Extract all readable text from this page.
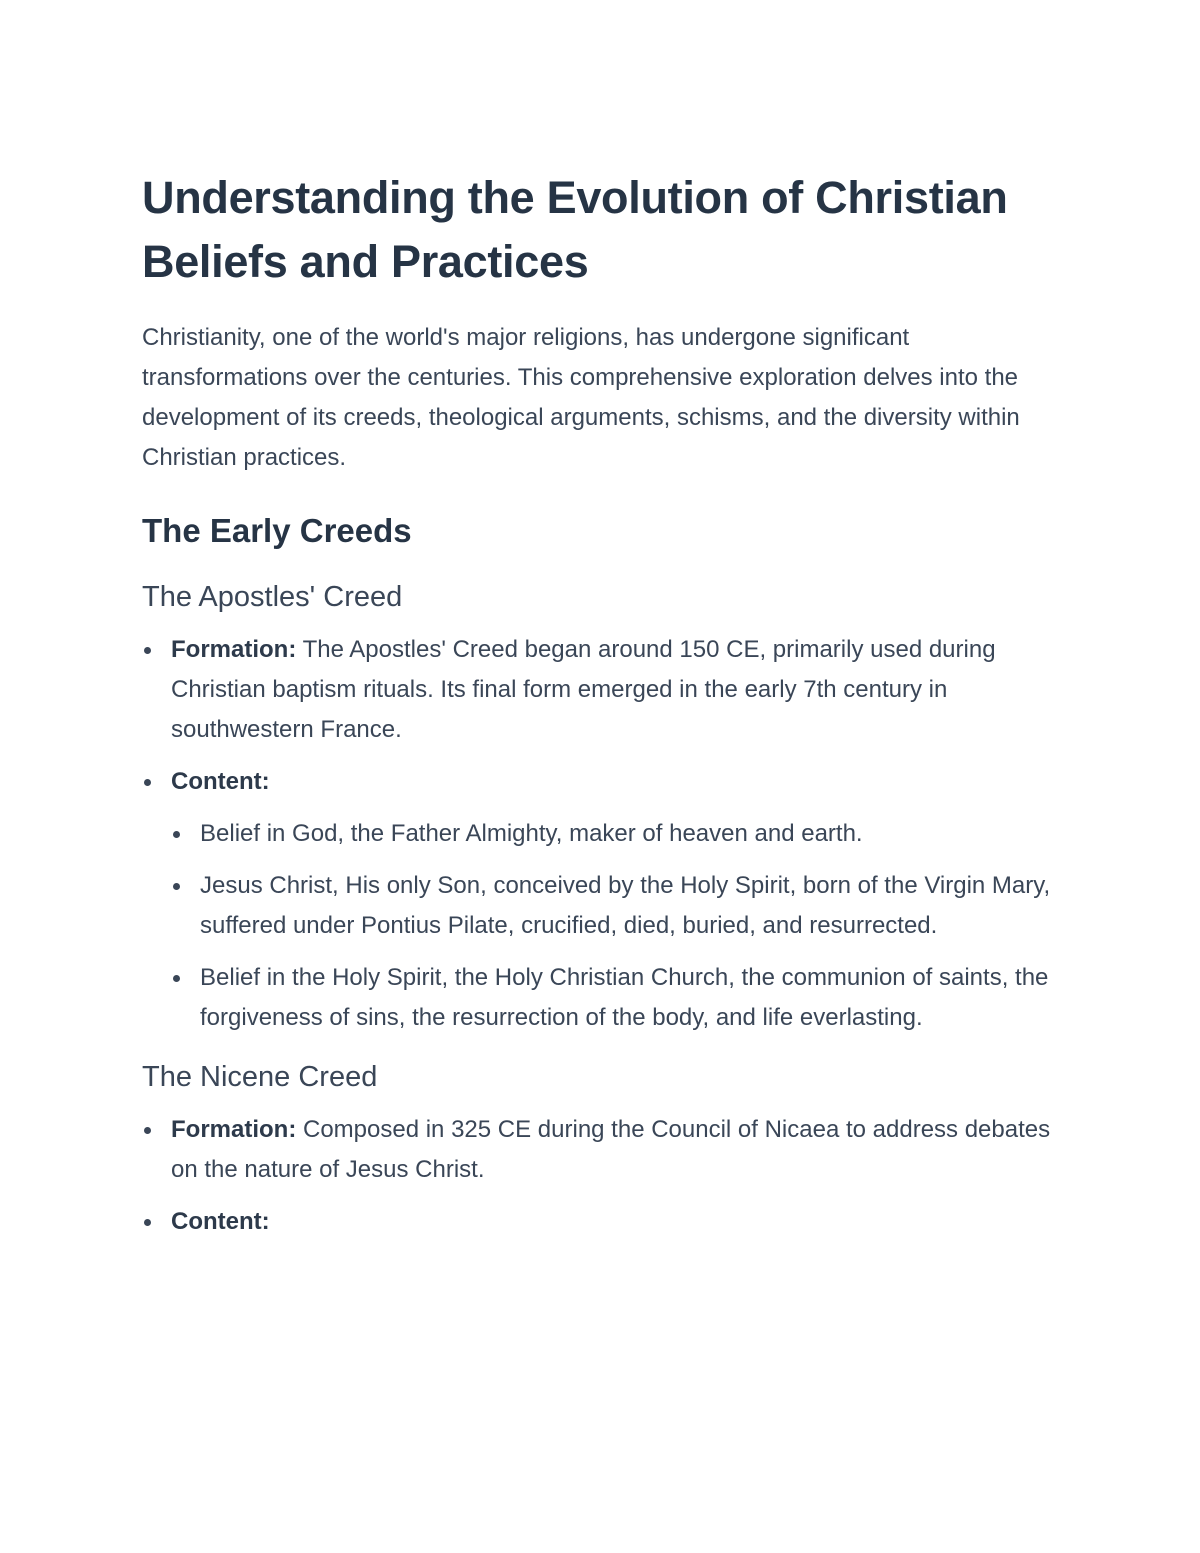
Understanding the Evolution of Christian Beliefs and Practices

Christianity, one of the world's major religions, has undergone significant transformations over the centuries. This comprehensive exploration delves into the development of its creeds, theological arguments, schisms, and the diversity within Christian practices.

The Early Creeds
The Apostles' Creed
Formation: The Apostles' Creed began around 150 CE, primarily used during Christian baptism rituals. Its final form emerged in the early 7th century in southwestern France.
Content:
Belief in God, the Father Almighty, maker of heaven and earth.
Jesus Christ, His only Son, conceived by the Holy Spirit, born of the Virgin Mary, suffered under Pontius Pilate, crucified, died, buried, and resurrected.
Belief in the Holy Spirit, the Holy Christian Church, the communion of saints, the forgiveness of sins, the resurrection of the body, and life everlasting.
The Nicene Creed
Formation: Composed in 325 CE during the Council of Nicaea to address debates on the nature of Jesus Christ.
Content:
